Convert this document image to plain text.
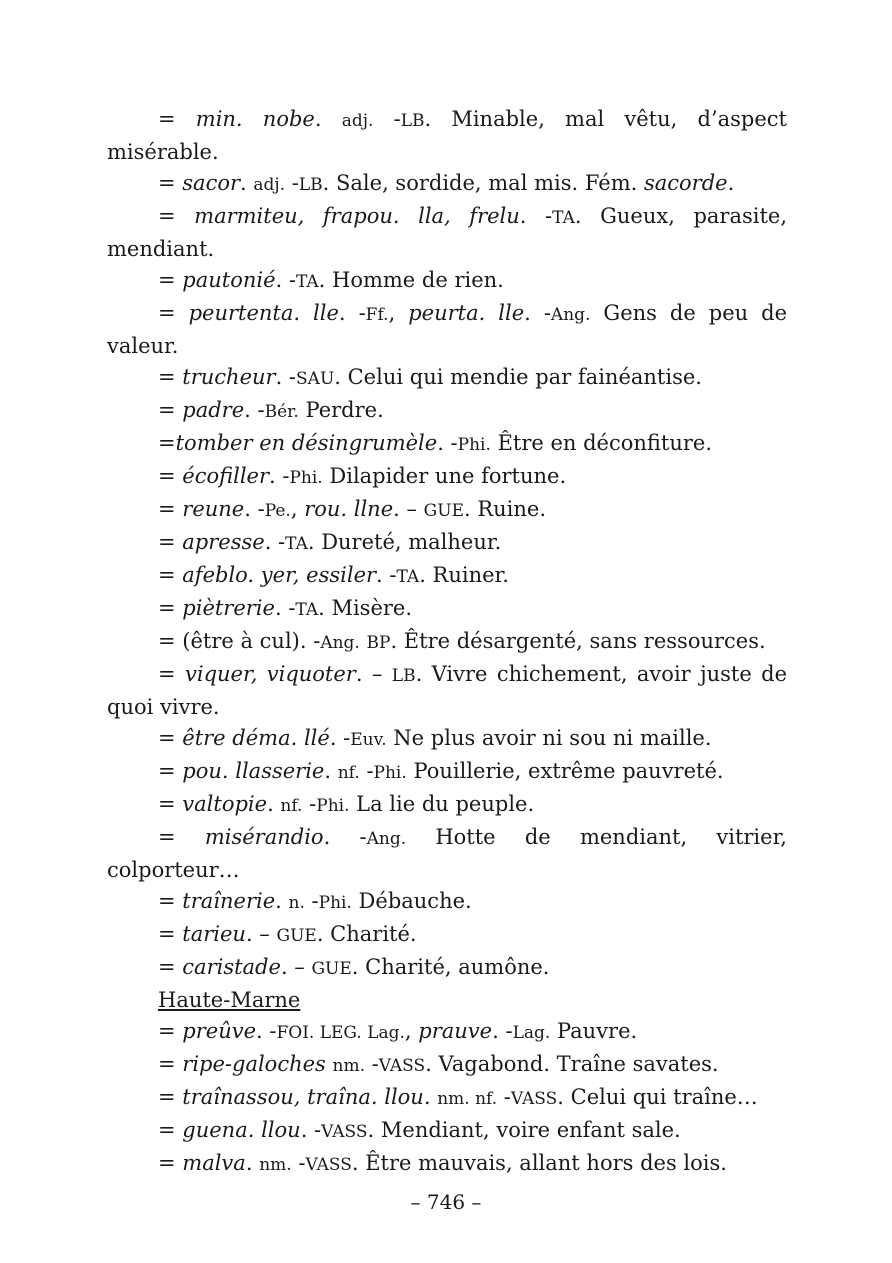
= min. nobe. adj. -LB. Minable, mal vêtu, d’aspect misérable.

= sacor. adj. -LB. Sale, sordide, mal mis. Fém. sacorde.

= marmiteu, frapou. lla, frelu. -TA. Gueux, parasite, mendiant.

= pautonié. -TA. Homme de rien.

= peurtenta. lle. -Ff., peurta. lle. -Ang. Gens de peu de valeur.

= trucheur. -SAU. Celui qui mendie par fainéantise.

= padre. -Bér. Perdre.

=tomber en désingrumèle. -Phi. Être en déconfiture.

= écofiller. -Phi. Dilapider une fortune.

= reune. -Pe., rou. llne. – GUE. Ruine.

= apresse. -TA. Dureté, malheur.

= afeblo. yer, essiler. -TA. Ruiner.

= piètrerie. -TA. Misère.

= (être à cul). -Ang. BP. Être désargenté, sans ressources.

= viquer, viquoter. – LB. Vivre chichement, avoir juste de quoi vivre.

= être déma. llé. -Euv. Ne plus avoir ni sou ni maille.

= pou. llasserie. nf. -Phi. Pouillerie, extrême pauvreté.

= valtopie. nf. -Phi. La lie du peuple.

= misérandio. -Ang. Hotte de mendiant, vitrier, colporteur…

= traînerie. n. -Phi. Débauche.

= tarieu. – GUE. Charité.

= caristade. – GUE. Charité, aumône.

Haute-Marne

= preûve. -FOI. LEG. Lag., prauve. -Lag. Pauvre.

= ripe-galoches nm. -VASS. Vagabond. Traîne savates.

= traînassou, traîna. llou. nm. nf. -VASS. Celui qui traîne…

= guena. llou. -VASS. Mendiant, voire enfant sale.

= malva. nm. -VASS. Être mauvais, allant hors des lois.

– 746 –
